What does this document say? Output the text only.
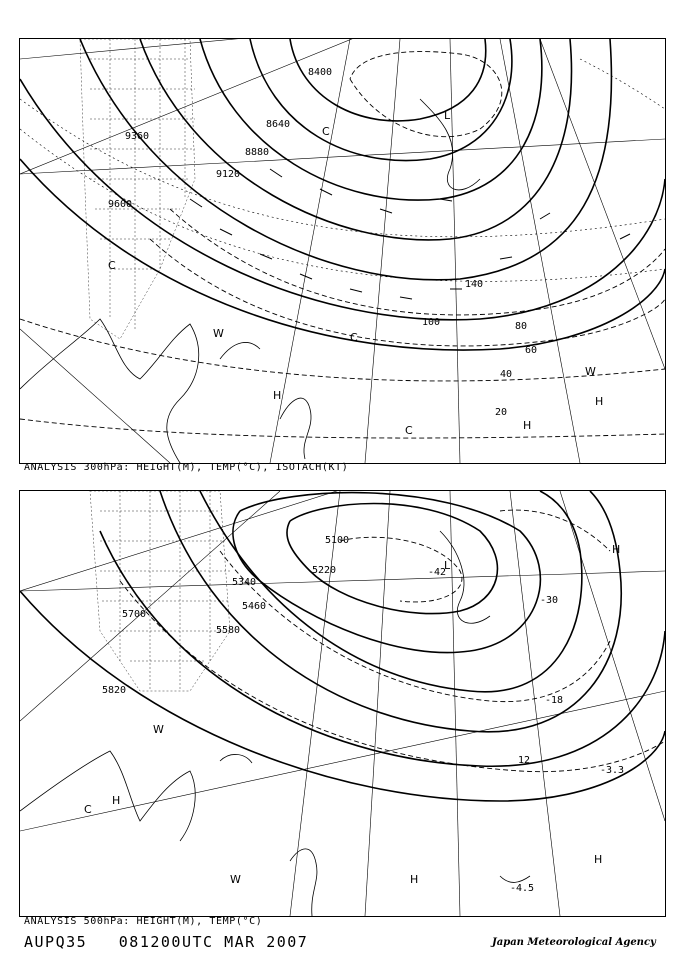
8400
8640
8880
9120
9360
9600
140
100	80
60
40
20
H
H
H
C
C
C
C
W
W
L
ANALYSIS 300hPa: HEIGHT(M), TEMP(°C), ISOTACH(KT)
5100
5220
5340
5460
5580
5700
5820
-42
-30
-18
12
-4.5
-3.3
L
H
H
H
H
W
W
C
ANALYSIS 500hPa: HEIGHT(M), TEMP(°C)
AUPQ35 081200UTC MAR 2007	Japan Meteorological Agency
